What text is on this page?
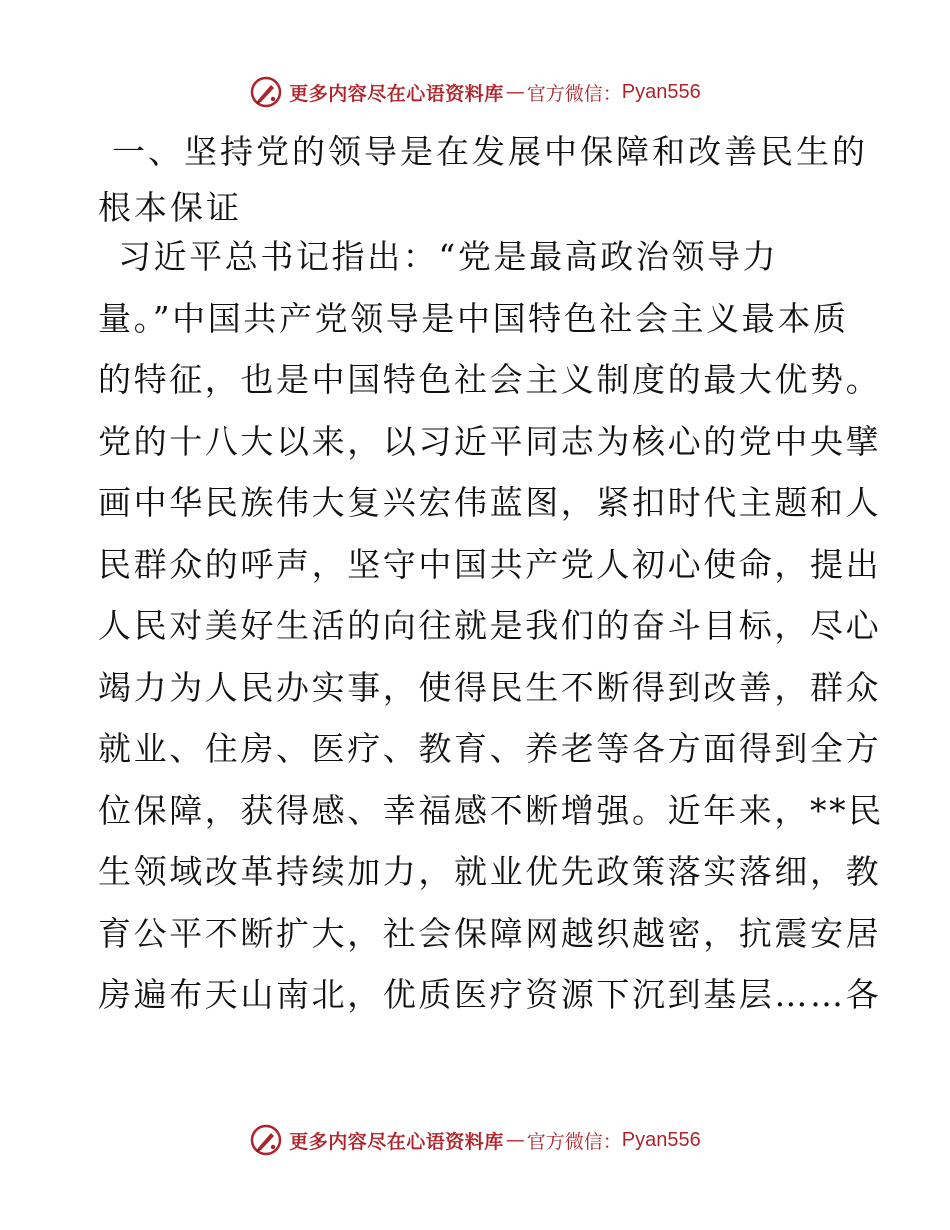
更多内容尽在心语资料库 — 官方微信： Pyan556
一、坚持党的领导是在发展中保障和改善民生的
根本保证
习近平总书记指出：“党是最高政治领导力
量。”中国共产党领导是中国特色社会主义最本质
的特征，也是中国特色社会主义制度的最大优势。
党的十八大以来，以习近平同志为核心的党中央擘
画中华民族伟大复兴宏伟蓝图，紧扣时代主题和人
民群众的呼声，坚守中国共产党人初心使命，提出
人民对美好生活的向往就是我们的奋斗目标，尽心
竭力为人民办实事，使得民生不断得到改善，群众
就业、住房、医疗、教育、养老等各方面得到全方
位保障，获得感、幸福感不断增强。近年来，**民
生领域改革持续加力，就业优先政策落实落细，教
育公平不断扩大，社会保障网越织越密，抗震安居
房遍布天山南北，优质医疗资源下沉到基层……各
更多内容尽在心语资料库 — 官方微信： Pyan556
